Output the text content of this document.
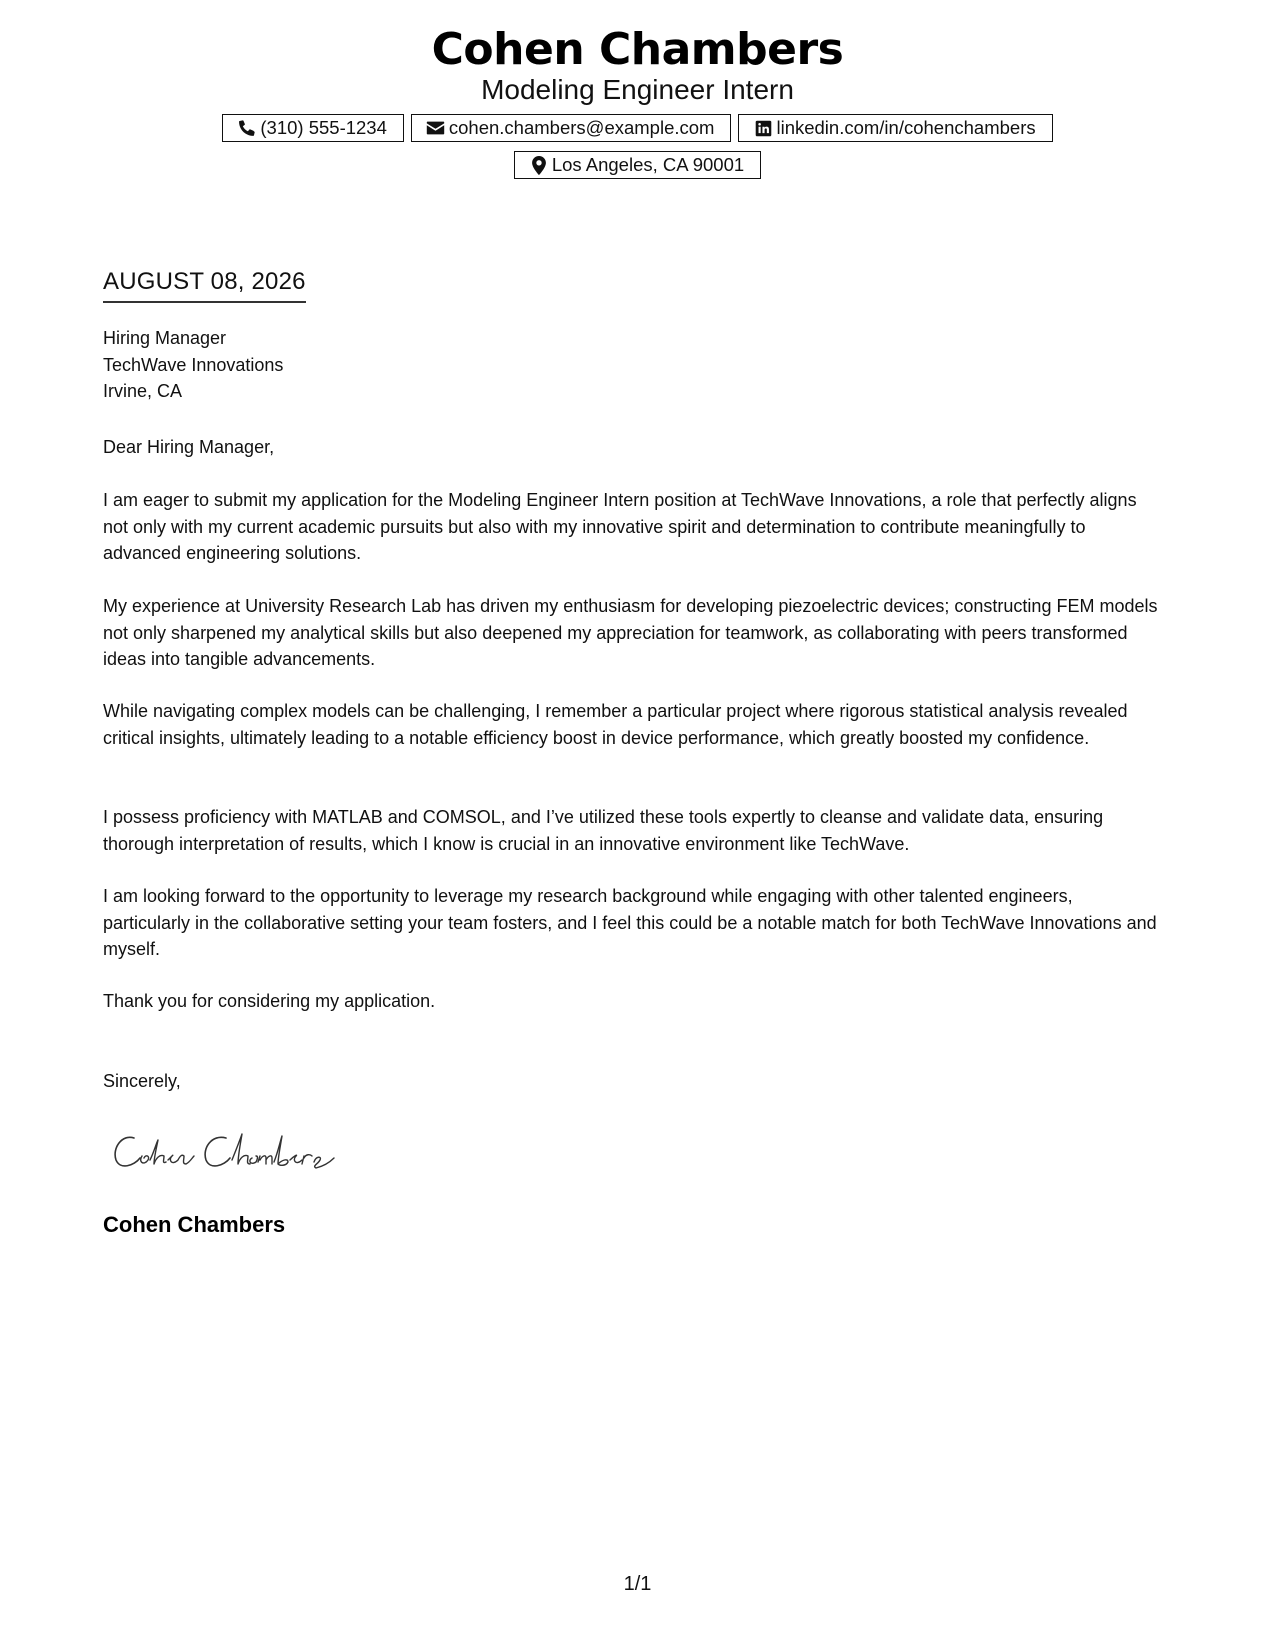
Cohen Chambers
Modeling Engineer Intern
(310) 555-1234	cohen.chambers@example.com	linkedin.com/in/cohenchambers
Los Angeles, CA 90001
AUGUST 08, 2026
Hiring Manager
TechWave Innovations
Irvine, CA
Dear Hiring Manager,
I am eager to submit my application for the Modeling Engineer Intern position at TechWave Innovations, a role that perfectly aligns not only with my current academic pursuits but also with my innovative spirit and determination to contribute meaningfully to advanced engineering solutions.
My experience at University Research Lab has driven my enthusiasm for developing piezoelectric devices; constructing FEM models not only sharpened my analytical skills but also deepened my appreciation for teamwork, as collaborating with peers transformed ideas into tangible advancements.
While navigating complex models can be challenging, I remember a particular project where rigorous statistical analysis revealed critical insights, ultimately leading to a notable efficiency boost in device performance, which greatly boosted my confidence.
I possess proficiency with MATLAB and COMSOL, and I’ve utilized these tools expertly to cleanse and validate data, ensuring thorough interpretation of results, which I know is crucial in an innovative environment like TechWave.
I am looking forward to the opportunity to leverage my research background while engaging with other talented engineers, particularly in the collaborative setting your team fosters, and I feel this could be a notable match for both TechWave Innovations and myself.
Thank you for considering my application.
Sincerely,
Cohen Chambers
1/1
